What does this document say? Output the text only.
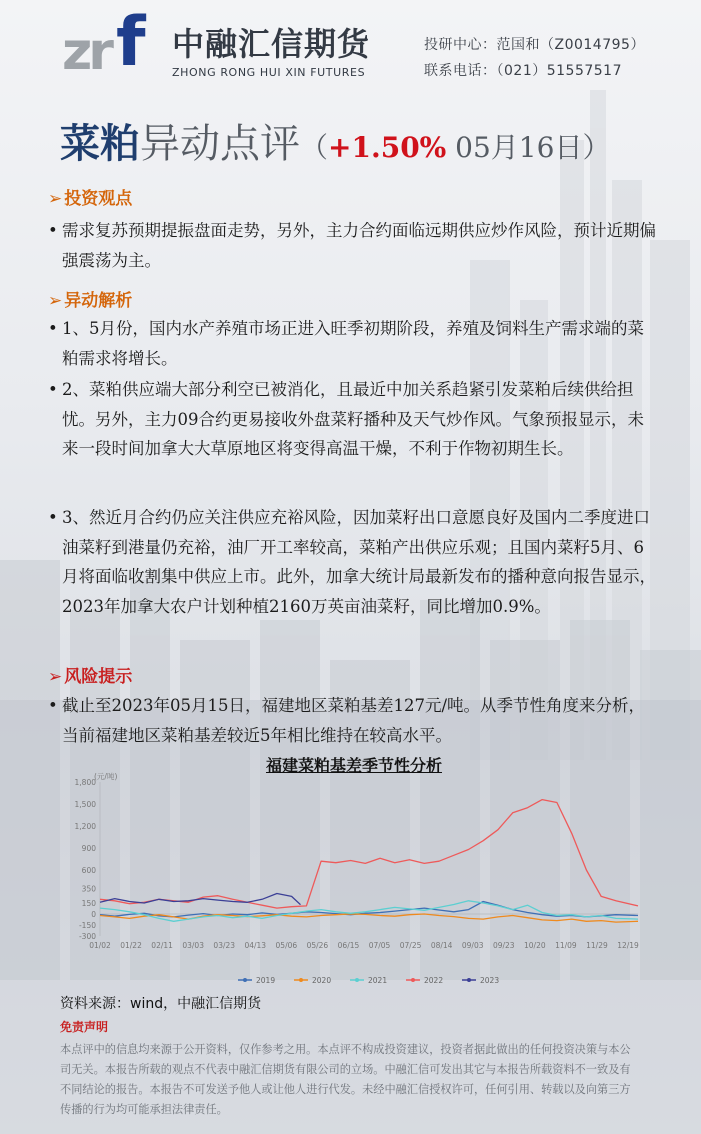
zr f 中融汇信期货
ZHONG RONG HUI XIN FUTURES
投研中心：范国和（Z0014795）
联系电话：（021）51557517
菜粕异动点评（+1.50% 05月16日）
➢ 投资观点
• 需求复苏预期提振盘面走势，另外，主力合约面临远期供应炒作风险，预计近期偏强震荡为主。
➢ 异动解析
• 1、5月份，国内水产养殖市场正进入旺季初期阶段，养殖及饲料生产需求端的菜粕需求将增长。
• 2、菜粕供应端大部分利空已被消化，且最近中加关系趋紧引发菜粕后续供给担忧。另外，主力09合约更易接收外盘菜籽播种及天气炒作风。气象预报显示，未来一段时间加拿大大草原地区将变得高温干燥，不利于作物初期生长。
• 3、然近月合约仍应关注供应充裕风险，因加菜籽出口意愿良好及国内二季度进口油菜籽到港量仍充裕，油厂开工率较高，菜粕产出供应乐观；且国内菜籽5月、6月将面临收割集中供应上市。此外，加拿大统计局最新发布的播种意向报告显示，2023年加拿大农户计划种植2160万英亩油菜籽，同比增加0.9%。
➢ 风险提示
• 截止至2023年05月15日，福建地区菜粕基差127元/吨。从季节性角度来分析，当前福建地区菜粕基差较近5年相比维持在较高水平。
福建菜粕基差季节性分析
(元/吨)
1,800
1,500
1,200
900
600
350
150
0
-150
-300
01/02 01/22 02/11 03/03 03/23 04/13 05/06 05/26 06/15 07/05 07/25 08/14 09/03 09/23 10/20 11/09 11/29 12/19
2019	2020	2021	2022	2023
资料来源：wind，中融汇信期货
免责声明
本点评中的信息均来源于公开资料，仅作参考之用。本点评不构成投资建议，投资者据此做出的任何投资决策与本公司无关。本报告所载的观点不代表中融汇信期货有限公司的立场。中融汇信可发出其它与本报告所载资料不一致及有不同结论的报告。本报告不可发送予他人或让他人进行代发。未经中融汇信授权许可，任何引用、转载以及向第三方传播的行为均可能承担法律责任。
